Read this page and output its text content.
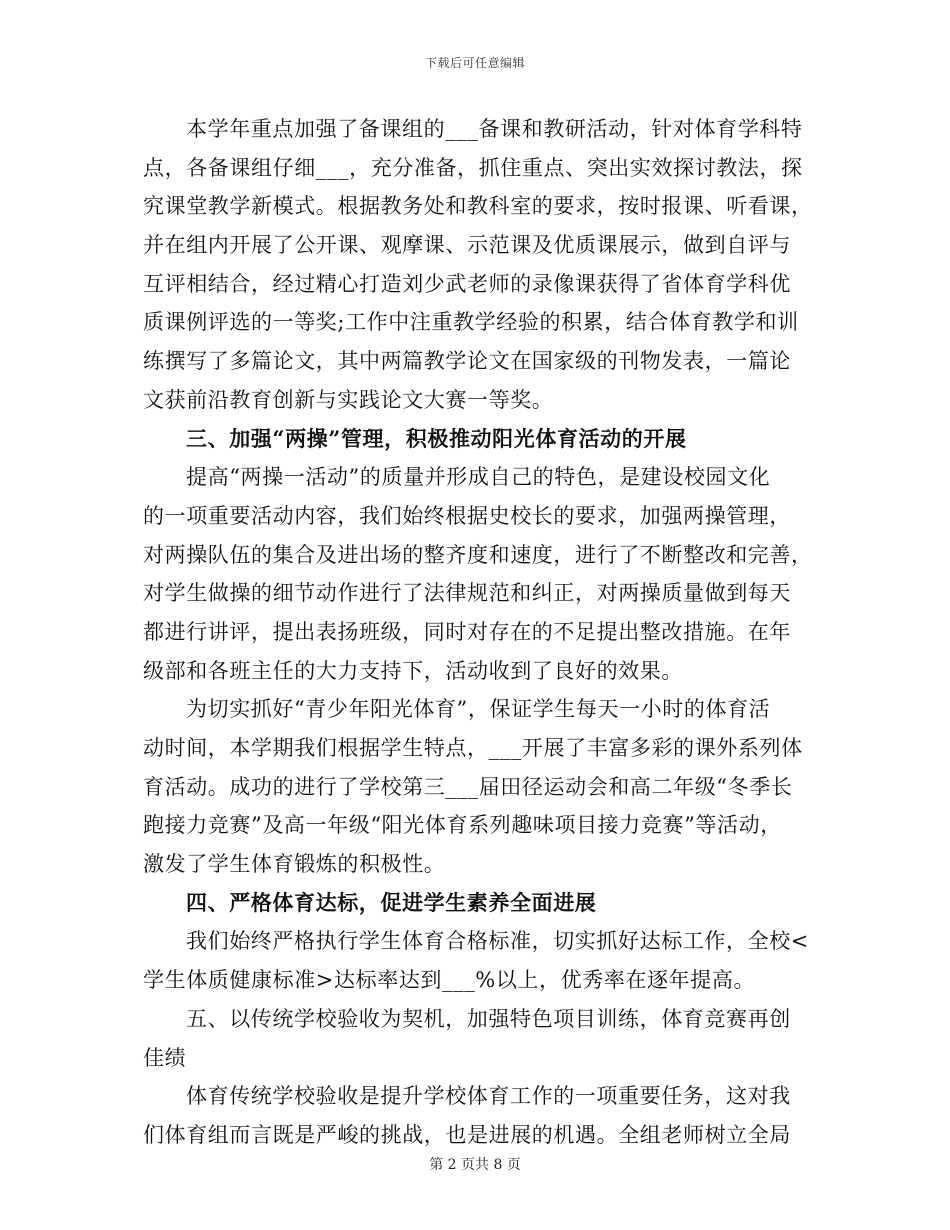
下载后可任意编辑
本学年重点加强了备课组的___备课和教研活动，针对体育学科特
点，各备课组仔细___，充分准备，抓住重点、突出实效探讨教法，探
究课堂教学新模式。根据教务处和教科室的要求，按时报课、听看课，
并在组内开展了公开课、观摩课、示范课及优质课展示，做到自评与
互评相结合，经过精心打造刘少武老师的录像课获得了省体育学科优
质课例评选的一等奖;工作中注重教学经验的积累，结合体育教学和训
练撰写了多篇论文，其中两篇教学论文在国家级的刊物发表，一篇论
文获前沿教育创新与实践论文大赛一等奖。
三、加强“两操”管理，积极推动阳光体育活动的开展
提高“两操一活动”的质量并形成自己的特色，是建设校园文化
的一项重要活动内容，我们始终根据史校长的要求，加强两操管理，
对两操队伍的集合及进出场的整齐度和速度，进行了不断整改和完善，
对学生做操的细节动作进行了法律规范和纠正，对两操质量做到每天
都进行讲评，提出表扬班级，同时对存在的不足提出整改措施。在年
级部和各班主任的大力支持下，活动收到了良好的效果。
为切实抓好“青少年阳光体育”，保证学生每天一小时的体育活
动时间，本学期我们根据学生特点，___开展了丰富多彩的课外系列体
育活动。成功的进行了学校第三___届田径运动会和高二年级“冬季长
跑接力竞赛”及高一年级“阳光体育系列趣味项目接力竞赛”等活动，
激发了学生体育锻炼的积极性。
四、严格体育达标，促进学生素养全面进展
我们始终严格执行学生体育合格标准，切实抓好达标工作，全校<
学生体质健康标准>达标率达到___%以上，优秀率在逐年提高。
五、以传统学校验收为契机，加强特色项目训练，体育竞赛再创
佳绩
体育传统学校验收是提升学校体育工作的一项重要任务，这对我
们体育组而言既是严峻的挑战，也是进展的机遇。全组老师树立全局
第 2 页共 8 页
